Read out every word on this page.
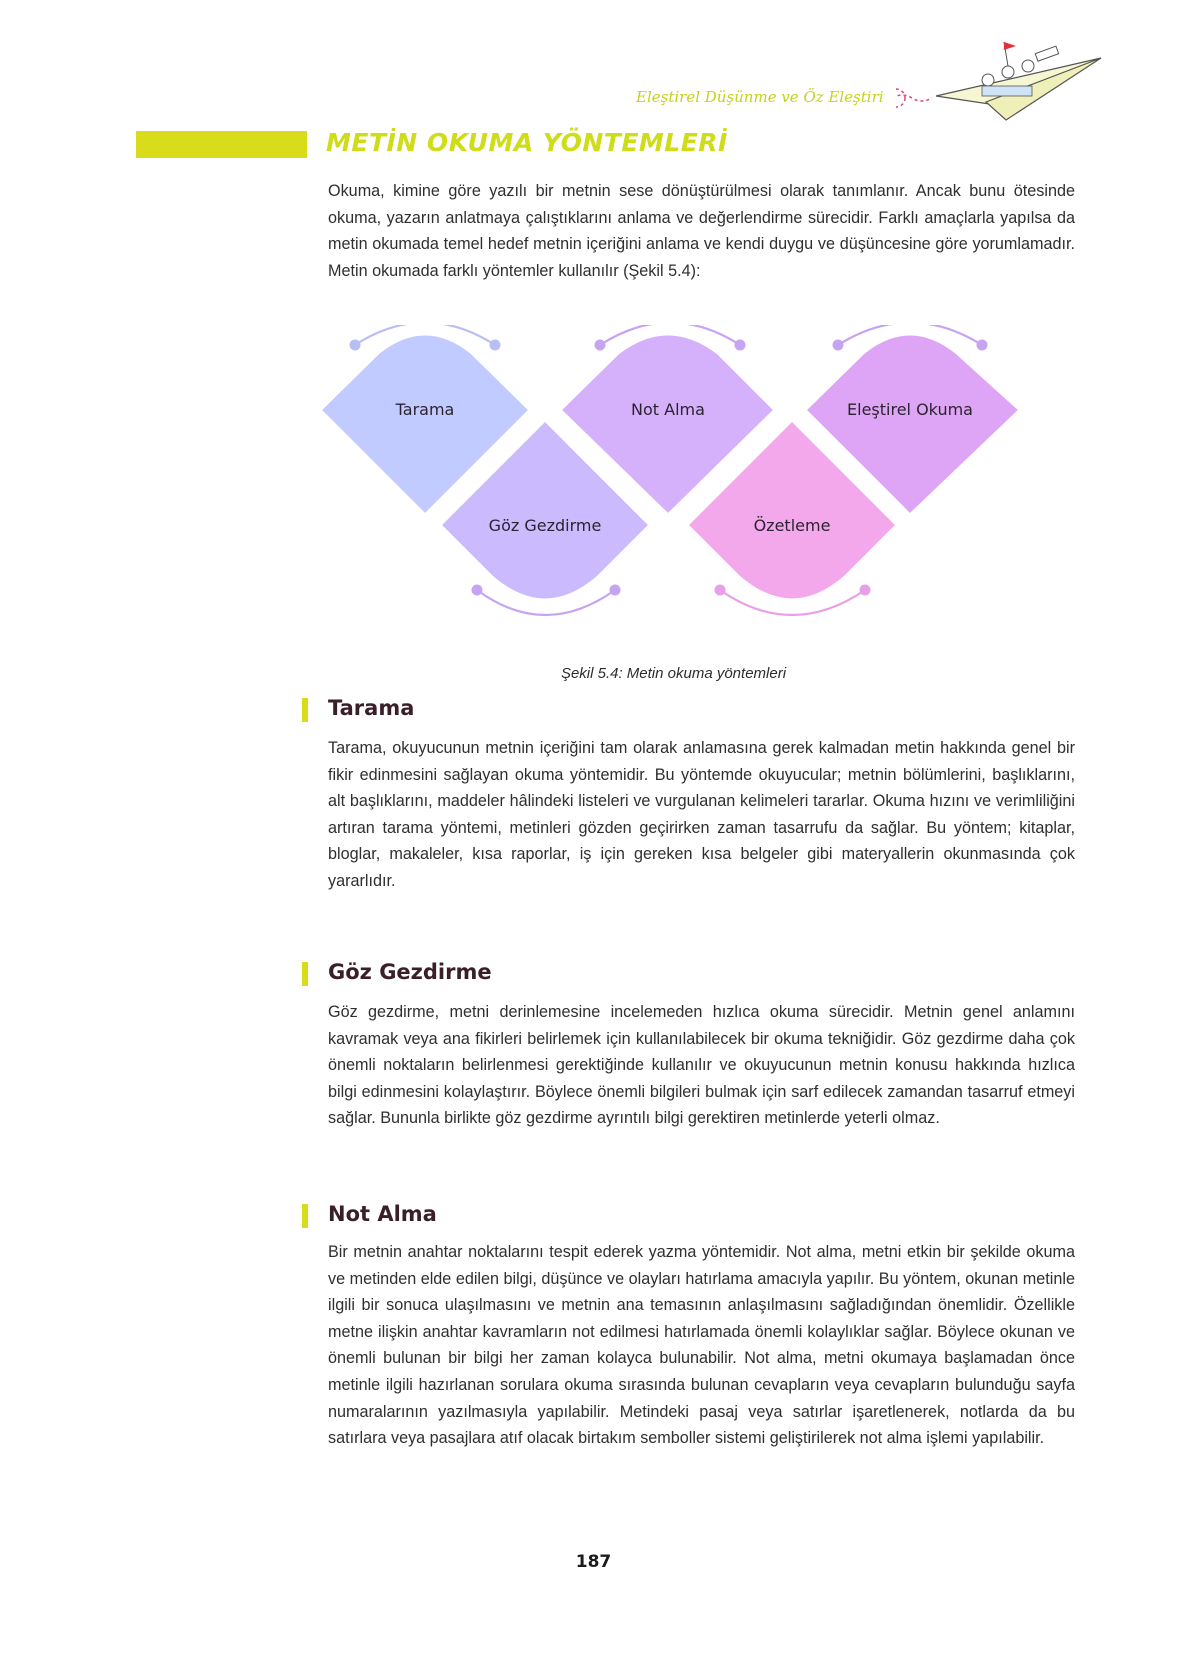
Eleştirel Düşünme ve Öz Eleştiri
METİN OKUMA YÖNTEMLERİ
Okuma, kimine göre yazılı bir metnin sese dönüştürülmesi olarak tanımlanır. Ancak bunu ötesinde okuma, yazarın anlatmaya çalıştıklarını anlama ve değerlendirme sürecidir. Farklı amaçlarla yapılsa da metin okumada temel hedef metnin içeriğini anlama ve kendi duygu ve düşüncesine göre yorumlamadır. Metin okumada farklı yöntemler kullanılır (Şekil 5.4):
Tarama	Not Alma	Eleştirel Okuma
Göz Gezdirme	Özetleme
Şekil 5.4: Metin okuma yöntemleri
Tarama
Tarama, okuyucunun metnin içeriğini tam olarak anlamasına gerek kalmadan metin hakkında genel bir fikir edinmesini sağlayan okuma yöntemidir. Bu yöntemde okuyucular; metnin bölümlerini, başlıklarını, alt başlıklarını, maddeler hâlindeki listeleri ve vurgulanan kelimeleri tararlar. Okuma hızını ve verimliliğini artıran tarama yöntemi, metinleri gözden geçirirken zaman tasarrufu da sağlar. Bu yöntem; kitaplar, bloglar, makaleler, kısa raporlar, iş için gereken kısa belgeler gibi materyallerin okunmasında çok yararlıdır.
Göz Gezdirme
Göz gezdirme, metni derinlemesine incelemeden hızlıca okuma sürecidir. Metnin genel anlamını kavramak veya ana fikirleri belirlemek için kullanılabilecek bir okuma tekniğidir. Göz gezdirme daha çok önemli noktaların belirlenmesi gerektiğinde kullanılır ve okuyucunun metnin konusu hakkında hızlıca bilgi edinmesini kolaylaştırır. Böylece önemli bilgileri bulmak için sarf edilecek zamandan tasarruf etmeyi sağlar. Bununla birlikte göz gezdirme ayrıntılı bilgi gerektiren metinlerde yeterli olmaz.
Not Alma
Bir metnin anahtar noktalarını tespit ederek yazma yöntemidir. Not alma, metni etkin bir şekilde okuma ve metinden elde edilen bilgi, düşünce ve olayları hatırlama amacıyla yapılır. Bu yöntem, okunan metinle ilgili bir sonuca ulaşılmasını ve metnin ana temasının anlaşılmasını sağladığından önemlidir. Özellikle metne ilişkin anahtar kavramların not edilmesi hatırlamada önemli kolaylıklar sağlar. Böylece okunan ve önemli bulunan bir bilgi her zaman kolayca bulunabilir. Not alma, metni okumaya başlamadan önce metinle ilgili hazırlanan sorulara okuma sırasında bulunan cevapların veya cevapların bulunduğu sayfa numaralarının yazılmasıyla yapılabilir. Metindeki pasaj veya satırlar işaretlenerek, notlarda da bu satırlara veya pasajlara atıf olacak birtakım semboller sistemi geliştirilerek not alma işlemi yapılabilir.
187
